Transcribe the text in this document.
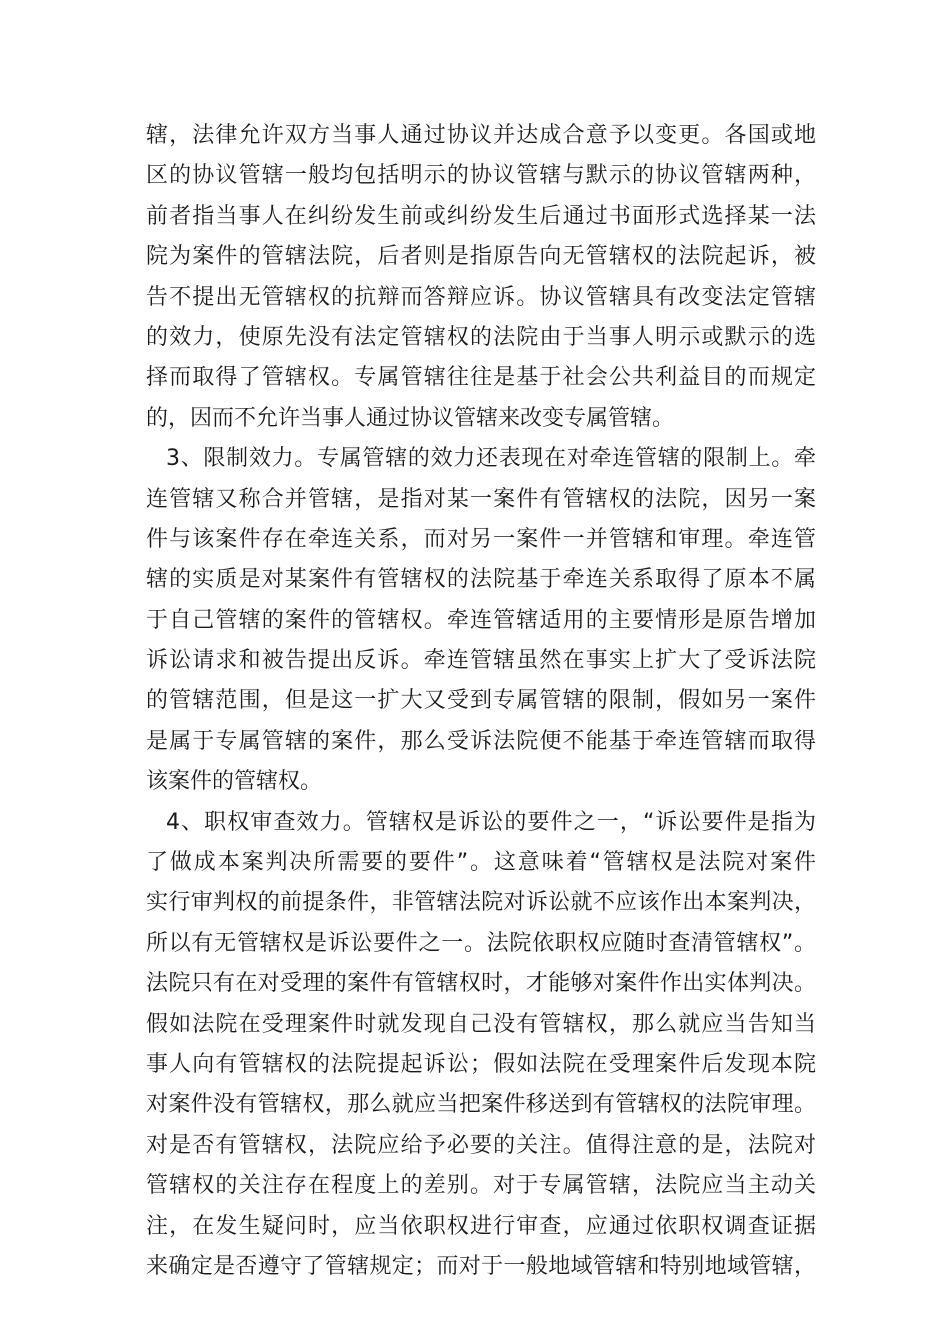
辖，法律允许双方当事人通过协议并达成合意予以变更。各国或地
区的协议管辖一般均包括明示的协议管辖与默示的协议管辖两种，
前者指当事人在纠纷发生前或纠纷发生后通过书面形式选择某一法
院为案件的管辖法院，后者则是指原告向无管辖权的法院起诉，被
告不提出无管辖权的抗辩而答辩应诉。协议管辖具有改变法定管辖
的效力，使原先没有法定管辖权的法院由于当事人明示或默示的选
择而取得了管辖权。专属管辖往往是基于社会公共利益目的而规定
的，因而不允许当事人通过协议管辖来改变专属管辖。
3、限制效力。专属管辖的效力还表现在对牵连管辖的限制上。牵
连管辖又称合并管辖，是指对某一案件有管辖权的法院，因另一案
件与该案件存在牵连关系，而对另一案件一并管辖和审理。牵连管
辖的实质是对某案件有管辖权的法院基于牵连关系取得了原本不属
于自己管辖的案件的管辖权。牵连管辖适用的主要情形是原告增加
诉讼请求和被告提出反诉。牵连管辖虽然在事实上扩大了受诉法院
的管辖范围，但是这一扩大又受到专属管辖的限制，假如另一案件
是属于专属管辖的案件，那么受诉法院便不能基于牵连管辖而取得
该案件的管辖权。
4、职权审查效力。管辖权是诉讼的要件之一，“诉讼要件是指为
了做成本案判决所需要的要件”。这意味着“管辖权是法院对案件
实行审判权的前提条件，非管辖法院对诉讼就不应该作出本案判决，
所以有无管辖权是诉讼要件之一。法院依职权应随时查清管辖权”。
法院只有在对受理的案件有管辖权时，才能够对案件作出实体判决。
假如法院在受理案件时就发现自己没有管辖权，那么就应当告知当
事人向有管辖权的法院提起诉讼；假如法院在受理案件后发现本院
对案件没有管辖权，那么就应当把案件移送到有管辖权的法院审理。
对是否有管辖权，法院应给予必要的关注。值得注意的是，法院对
管辖权的关注存在程度上的差别。对于专属管辖，法院应当主动关
注，在发生疑问时，应当依职权进行审查，应通过依职权调查证据
来确定是否遵守了管辖规定；而对于一般地域管辖和特别地域管辖，
